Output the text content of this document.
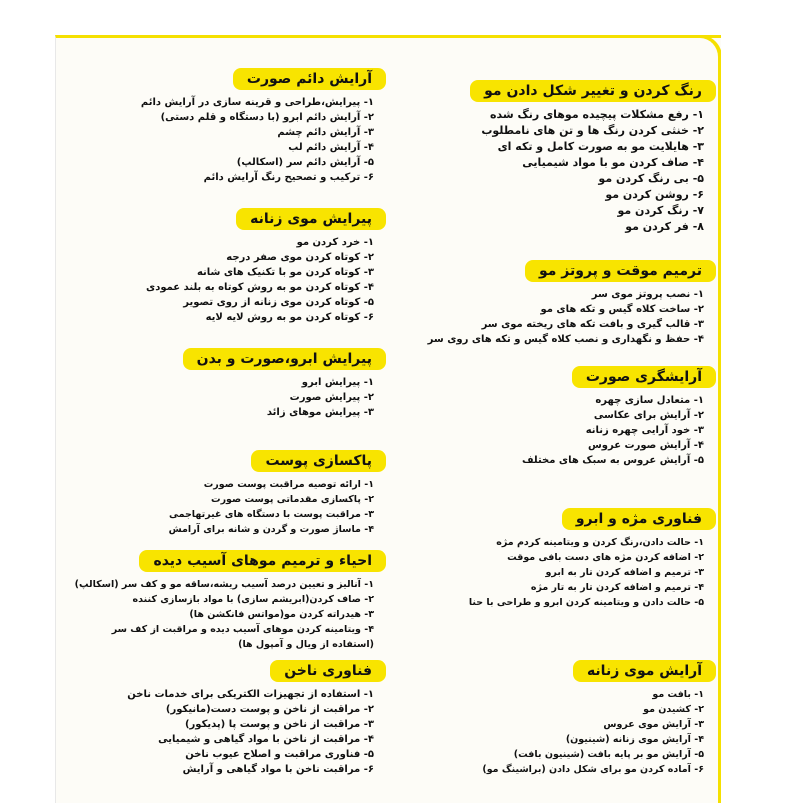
رنگ کردن و تغییر شکل دادن مو
۱- رفع مشکلات پیچیده موهای رنگ شده
۲- خنثی کردن رنگ ها و تن های نامطلوب
۳- هایلایت مو به صورت کامل و تکه ای
۴- صاف کردن مو با مواد شیمیایی
۵- بی رنگ کردن مو
۶- روشن کردن مو
۷- رنگ کردن مو
۸- فر کردن مو
ترمیم موقت و پروتز مو
۱- نصب پروتز موی سر
۲- ساخت کلاه گیس و تکه های مو
۳- قالب گیری و بافت تکه های ریخته موی سر
۴- حفظ و نگهداری و نصب کلاه گیس و تکه های روی سر
آرایشگری صورت
۱- متعادل سازی چهره
۲- آرایش برای عکاسی
۳- خود آرایی چهره زنانه
۴- آرایش صورت عروس
۵- آرایش عروس به سبک های مختلف
فناوری مژه و ابرو
۱- حالت دادن،رنگ کردن و ویتامینه کردم مژه
۲- اضافه کردن مژه های دست بافی موقت
۳- ترمیم و اضافه کردن تار به ابرو
۴- ترمیم و اضافه کردن تار به تار مژه
۵- حالت دادن و ویتامینه کردن ابرو و طراحی با حنا
آرایش موی زنانه
۱- بافت مو
۲- کشیدن مو
۳- آرایش موی عروس
۴- آرایش موی زنانه (شینیون)
۵- آرایش مو بر پایه بافت (شینیون بافت)
۶- آماده کردن مو برای شکل دادن (براشینگ مو)
آرایش دائم صورت
۱- پیرایش،طراحی و قرینه سازی در آرایش دائم
۲- آرایش دائم ابرو (با دستگاه و قلم دستی)
۳- آرایش دائم چشم
۴- آرایش دائم لب
۵- آرایش دائم سر (اسکالپ)
۶- ترکیب و تصحیح رنگ آرایش دائم
پیرایش موی زنانه
۱- خرد کردن مو
۲- کوتاه کردن موی صفر درجه
۳- کوتاه کردن مو با تکنیک های شانه
۴- کوتاه کردن مو به روش کوتاه به بلند عمودی
۵- کوتاه کردن موی زنانه از روی تصویر
۶- کوتاه کردن مو به روش لایه لایه
پیرایش ابرو،صورت و بدن
۱- پیرایش ابرو
۲- پیرایش صورت
۳- پیرایش موهای زائد
پاکسازی پوست
۱- ارائه توصیه مراقبت پوست صورت
۲- پاکسازی مقدماتی پوست صورت
۳- مراقبت پوست با دستگاه های غیرتهاجمی
۴- ماساژ صورت و گردن و شانه برای آرامش
احیاء و ترمیم موهای آسیب دیده
۱- آنالیز و تعیین درصد آسیب ریشه،ساقه مو و کف سر (اسکالپ)
۲- صاف کردن(ابریشم سازی) با مواد بازسازی کننده
۳- هیدراته کردن مو(مواتس فانکشن ها)
۴- ویتامینه کردن موهای آسیب دیده و مراقبت از کف سر
(استفاده از ویال و آمپول ها)
فناوری ناخن
۱- استفاده از تجهیزات الکتریکی برای خدمات ناخن
۲- مراقبت از ناخن و پوست دست(مانیکور)
۳- مراقبت از ناخن و پوست پا (پدیکور)
۴- مراقبت از ناخن با مواد گیاهی و شیمیایی
۵- فناوری مراقبت و اصلاح عیوب ناخن
۶- مراقبت ناخن با مواد گیاهی و آرایش
